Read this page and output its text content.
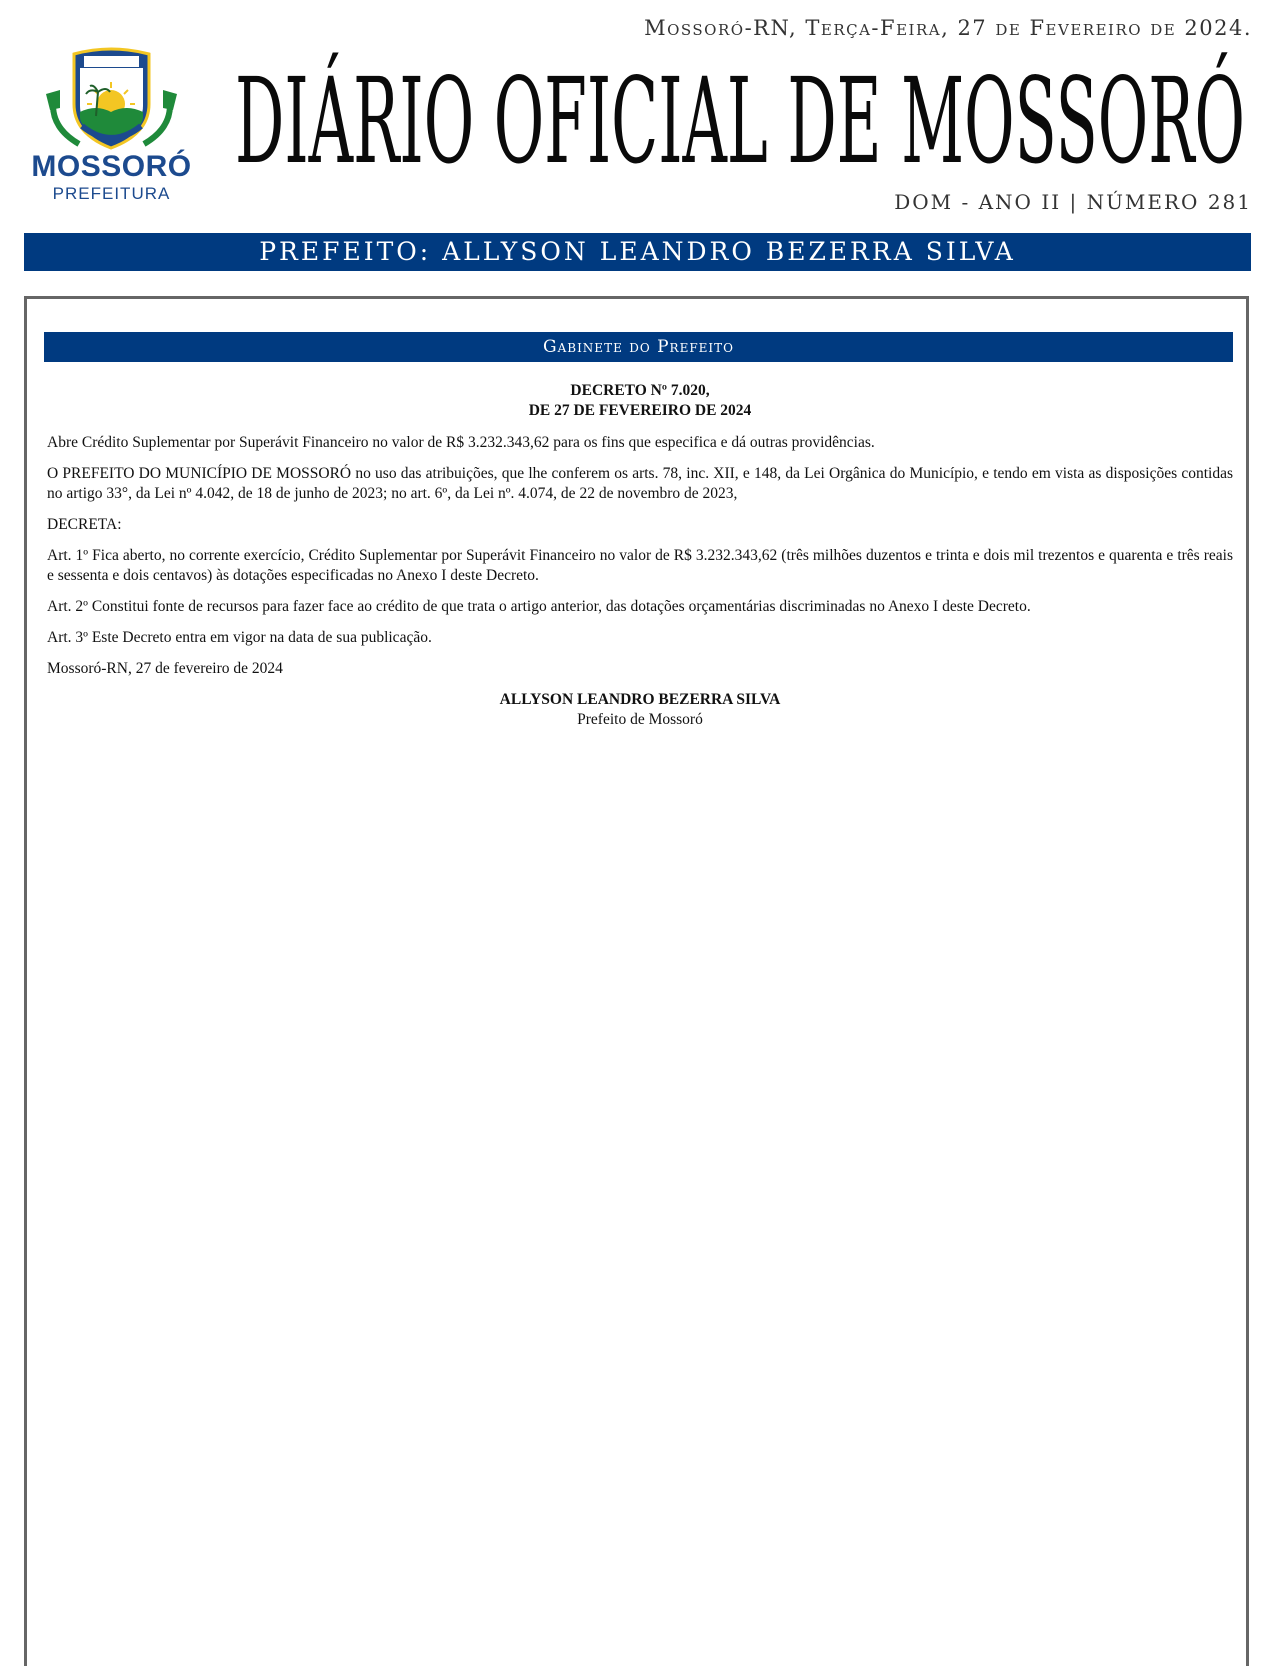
Mossoró-RN, Terça-Feira, 27 de Fevereiro de 2024.
MOSSORÓ
PREFEITURA
DIÁRIO OFICIAL DE MOSSORÓ
DOM - ANO II | NÚMERO 281
PREFEITO: ALLYSON LEANDRO BEZERRA SILVA
Gabinete do Prefeito
DECRETO Nº 7.020,
DE 27 DE FEVEREIRO DE 2024

Abre Crédito Suplementar por Superávit Financeiro no valor de R$ 3.232.343,62 para os fins que especifica e dá outras providências.

O PREFEITO DO MUNICÍPIO DE MOSSORÓ no uso das atribuições, que lhe conferem os arts. 78, inc. XII, e 148, da Lei Orgânica do Município, e tendo em vista as disposições contidas no artigo 33°, da Lei nº 4.042, de 18 de junho de 2023; no art. 6º, da Lei nº. 4.074, de 22 de novembro de 2023,

DECRETA:

Art. 1º Fica aberto, no corrente exercício, Crédito Suplementar por Superávit Financeiro no valor de R$ 3.232.343,62 (três milhões duzentos e trinta e dois mil trezentos e quarenta e três reais e sessenta e dois centavos) às dotações especificadas no Anexo I deste Decreto.

Art. 2º Constitui fonte de recursos para fazer face ao crédito de que trata o artigo anterior, das dotações orçamentárias discriminadas no Anexo I deste Decreto.

Art. 3º Este Decreto entra em vigor na data de sua publicação.

Mossoró-RN, 27 de fevereiro de 2024

ALLYSON LEANDRO BEZERRA SILVA
Prefeito de Mossoró
